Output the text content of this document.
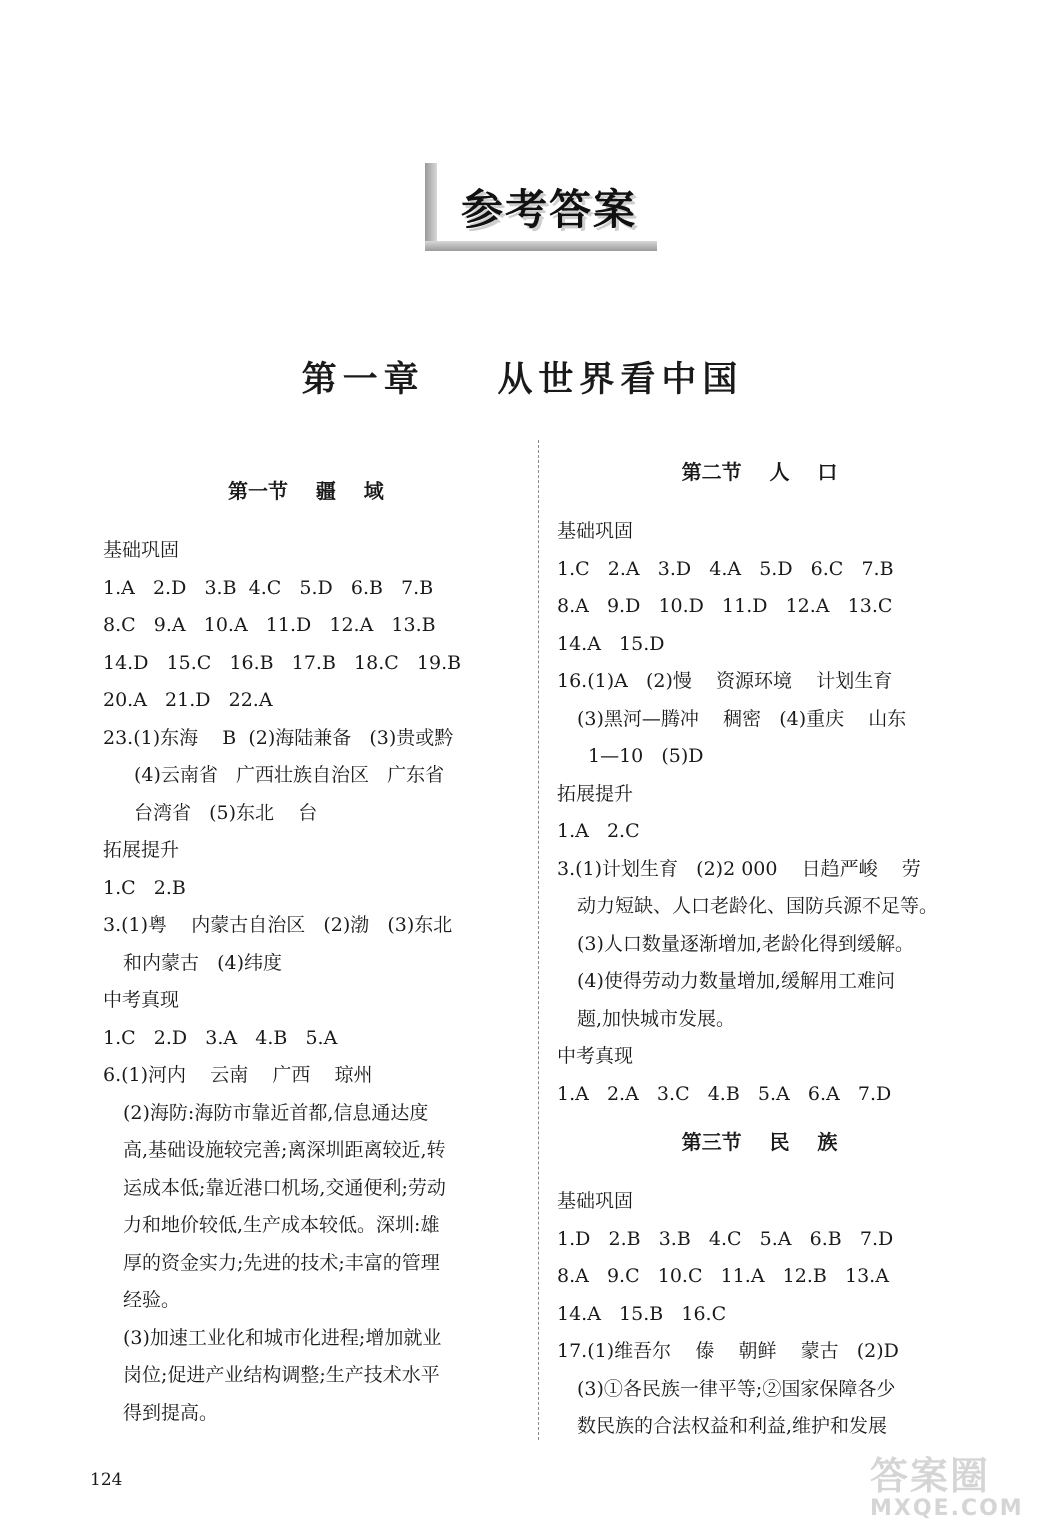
参考答案
第一章    从世界看中国
第一节    疆    域
基础巩固
1.A   2.D   3.B  4.C   5.D   6.B   7.B
8.C   9.A   10.A   11.D   12.A   13.B
14.D   15.C   16.B   17.B   18.C   19.B
20.A   21.D   22.A
23.(1)东海    B  (2)海陆兼备   (3)贵或黔
(4)云南省   广西壮族自治区   广东省
台湾省   (5)东北    台
拓展提升
1.C   2.B
3.(1)粤    内蒙古自治区   (2)渤   (3)东北
和内蒙古   (4)纬度
中考真现
1.C   2.D   3.A   4.B   5.A
6.(1)河内    云南    广西    琼州
(2)海防:海防市靠近首都,信息通达度
高,基础设施较完善;离深圳距离较近,转
运成本低;靠近港口机场,交通便利;劳动
力和地价较低,生产成本较低。深圳:雄
厚的资金实力;先进的技术;丰富的管理
经验。
(3)加速工业化和城市化进程;增加就业
岗位;促进产业结构调整;生产技术水平
得到提高。
第二节    人    口
基础巩固
1.C   2.A   3.D   4.A   5.D   6.C   7.B
8.A   9.D   10.D   11.D   12.A   13.C
14.A   15.D
16.(1)A   (2)慢    资源环境    计划生育
(3)黑河—腾冲    稠密   (4)重庆    山东
1—10   (5)D
拓展提升
1.A   2.C
3.(1)计划生育   (2)2 000    日趋严峻    劳
动力短缺、人口老龄化、国防兵源不足等。
(3)人口数量逐渐增加,老龄化得到缓解。
(4)使得劳动力数量增加,缓解用工难问
题,加快城市发展。
中考真现
1.A   2.A   3.C   4.B   5.A   6.A   7.D
第三节    民    族
基础巩固
1.D   2.B   3.B   4.C   5.A   6.B   7.D
8.A   9.C   10.C   11.A   12.B   13.A
14.A   15.B   16.C
17.(1)维吾尔    傣    朝鲜    蒙古   (2)D
(3)①各民族一律平等;②国家保障各少
数民族的合法权益和利益,维护和发展
124	答案圈
MXQE.COM
